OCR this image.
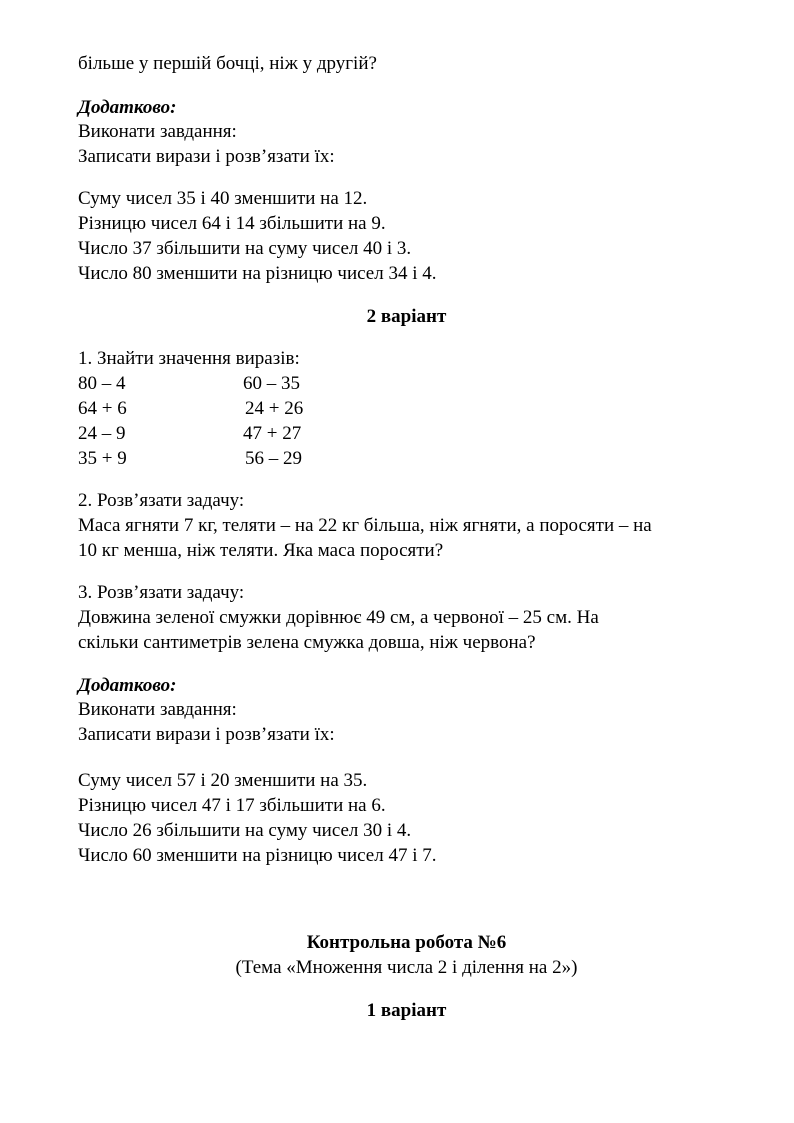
більше у першій бочці, ніж у другій?
Додатково:
Виконати завдання:
Записати вирази і розв’язати їх:
Суму чисел 35 і 40 зменшити на 12.
Різницю чисел 64 і 14 збільшити на 9.
Число 37 збільшити на суму чисел 40 і 3.
Число 80 зменшити на різницю чисел 34 і 4.
2 варіант
1. Знайти значення виразів:
80 – 4	60 – 35
64 + 6	24 + 26
24 – 9	47 + 27
35 + 9	56 – 29
2. Розв’язати задачу:
Маса ягняти 7 кг, теляти – на 22 кг більша, ніж ягняти, а поросяти – на
10 кг менша, ніж теляти. Яка маса поросяти?
3. Розв’язати задачу:
Довжина зеленої смужки дорівнює 49 см, а червоної – 25 см. На
скільки сантиметрів зелена смужка довша, ніж червона?
Додатково:
Виконати завдання:
Записати вирази і розв’язати їх:
Суму чисел 57 і 20 зменшити на 35.
Різницю чисел 47 і 17 збільшити на 6.
Число 26 збільшити на суму чисел 30 і 4.
Число 60 зменшити на різницю чисел 47 і 7.
Контрольна робота №6
(Тема «Множення числа 2 і ділення на 2»)
1 варіант
